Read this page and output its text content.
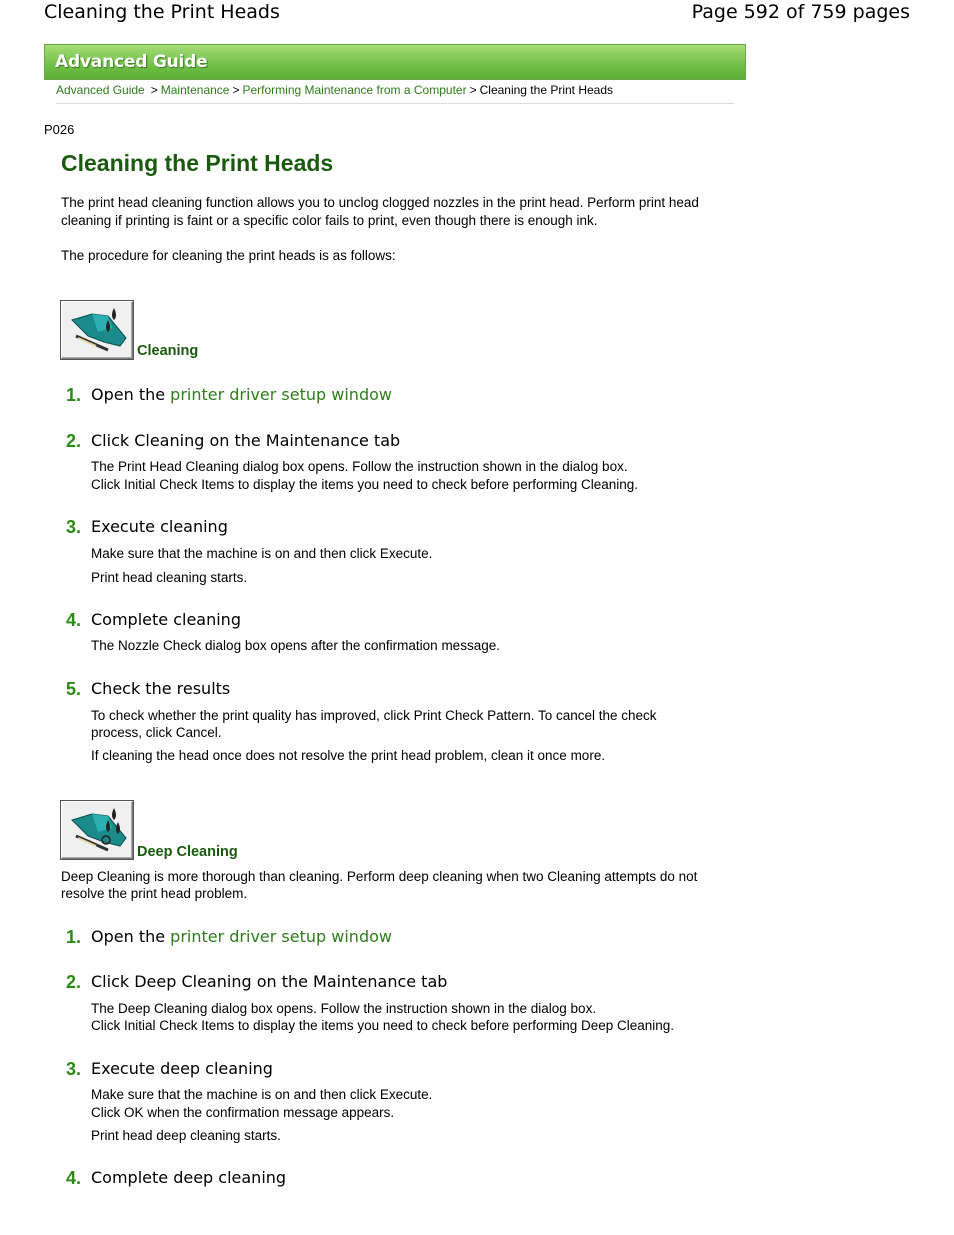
Cleaning the Print Heads	Page 592 of 759 pages
Advanced Guide
Advanced Guide > Maintenance > Performing Maintenance from a Computer > Cleaning the Print Heads
P026
Cleaning the Print Heads
The print head cleaning function allows you to unclog clogged nozzles in the print head. Perform print head cleaning if printing is faint or a specific color fails to print, even though there is enough ink.
The procedure for cleaning the print heads is as follows:
Cleaning
1. Open the printer driver setup window
2. Click Cleaning on the Maintenance tab
The Print Head Cleaning dialog box opens. Follow the instruction shown in the dialog box.
Click Initial Check Items to display the items you need to check before performing Cleaning.
3. Execute cleaning
Make sure that the machine is on and then click Execute.
Print head cleaning starts.
4. Complete cleaning
The Nozzle Check dialog box opens after the confirmation message.
5. Check the results
To check whether the print quality has improved, click Print Check Pattern. To cancel the check process, click Cancel.
If cleaning the head once does not resolve the print head problem, clean it once more.
Deep Cleaning
Deep Cleaning is more thorough than cleaning. Perform deep cleaning when two Cleaning attempts do not resolve the print head problem.
1. Open the printer driver setup window
2. Click Deep Cleaning on the Maintenance tab
The Deep Cleaning dialog box opens. Follow the instruction shown in the dialog box.
Click Initial Check Items to display the items you need to check before performing Deep Cleaning.
3. Execute deep cleaning
Make sure that the machine is on and then click Execute.
Click OK when the confirmation message appears.
Print head deep cleaning starts.
4. Complete deep cleaning
